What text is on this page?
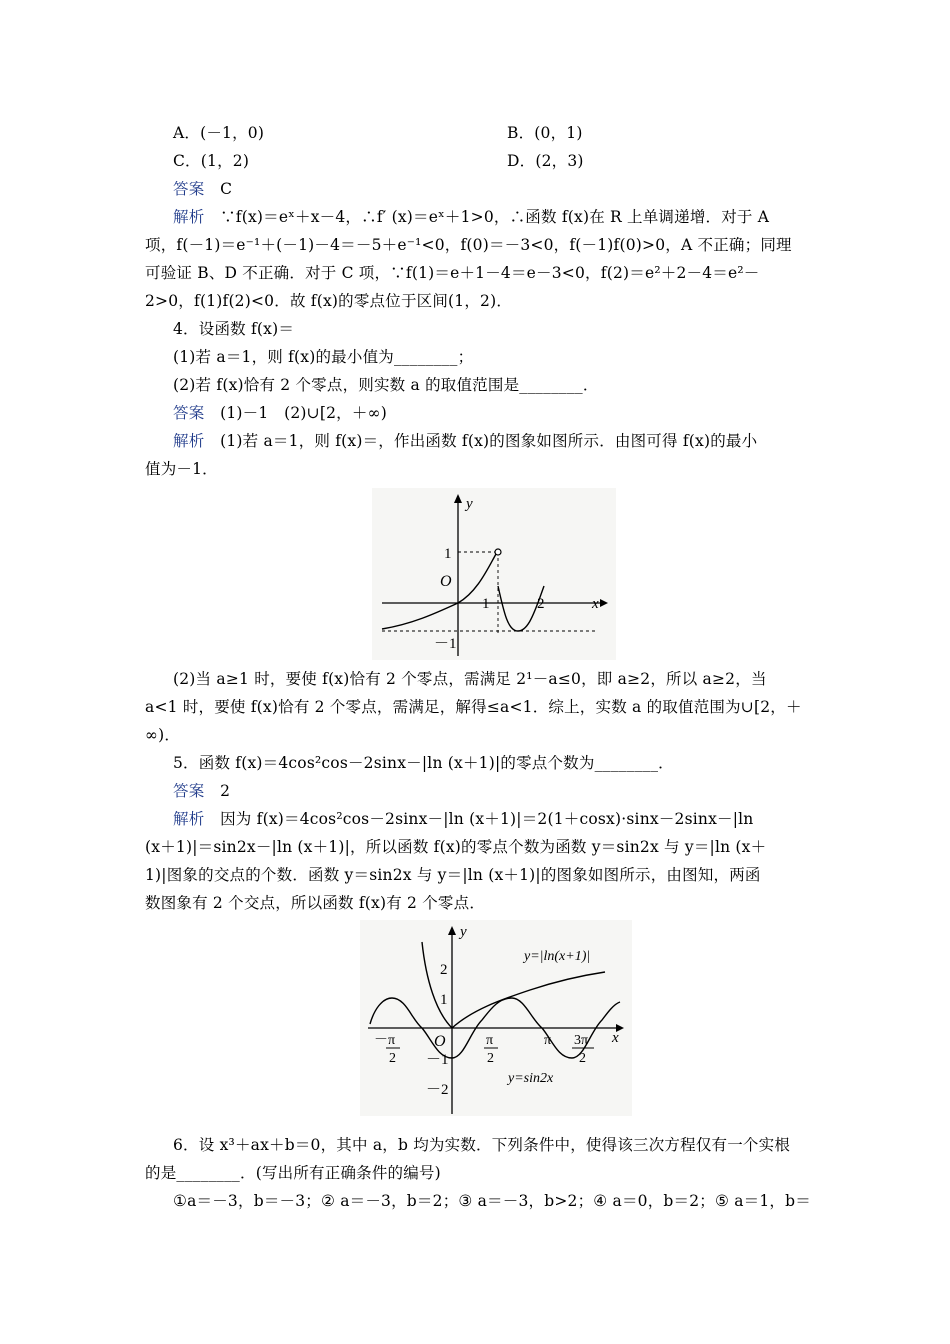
A．(－1，0)	B．(0，1)
C．(1，2)	D．(2，3)
答案　 C
解析　 ∵f(x)＝eˣ＋x－4，∴f′ (x)＝eˣ＋1>0，∴函数 f(x)在 R 上单调递增．对于 A
项，f(－1)＝e⁻¹＋(－1)－4＝－5＋e⁻¹<0，f(0)＝－3<0，f(－1)f(0)>0，A 不正确；同理
可验证 B、D 不正确．对于 C 项，∵f(1)＝e＋1－4＝e－3<0，f(2)＝e²＋2－4＝e²－
2>0，f(1)f(2)<0．故 f(x)的零点位于区间(1，2)．
4．设函数 f(x)＝
(1)若 a＝1，则 f(x)的最小值为________；
(2)若 f(x)恰有 2 个零点，则实数 a 的取值范围是________．
答案　 (1)－1　(2)∪[2，＋∞)
解析　 (1)若 a＝1，则 f(x)＝，作出函数 f(x)的图象如图所示．由图可得 f(x)的最小
值为－1．
y
x
O
1
－1
1	2
(2)当 a≥1 时，要使 f(x)恰有 2 个零点，需满足 2¹－a≤0，即 a≥2，所以 a≥2，当
a<1 时，要使 f(x)恰有 2 个零点，需满足，解得≤a<1．综上，实数 a 的取值范围为∪[2，＋
∞)．
5．函数 f(x)＝4cos²cos－2sinx－|ln (x＋1)|的零点个数为________．
答案　 2
解析　 因为 f(x)＝4cos²cos－2sinx－|ln (x＋1)|＝2(1＋cosx)·sinx－2sinx－|ln
(x＋1)|＝sin2x－|ln (x＋1)|，所以函数 f(x)的零点个数为函数 y＝sin2x 与 y＝|ln (x＋
1)|图象的交点的个数．函数 y＝sin2x 与 y＝|ln (x＋1)|的图象如图所示，由图知，两函
数图象有 2 个交点，所以函数 f(x)有 2 个零点．
y
x
O
2
1
－1
－2
－ π
2
π
2
π 3π
2
y=|ln(x+1)|
y=sin2x
6．设 x³＋ax＋b＝0，其中 a，b 均为实数．下列条件中，使得该三次方程仅有一个实根
的是________．(写出所有正确条件的编号)
①a＝－3，b＝－3；② a＝－3，b＝2；③ a＝－3，b>2；④ a＝0，b＝2；⑤ a＝1，b＝
